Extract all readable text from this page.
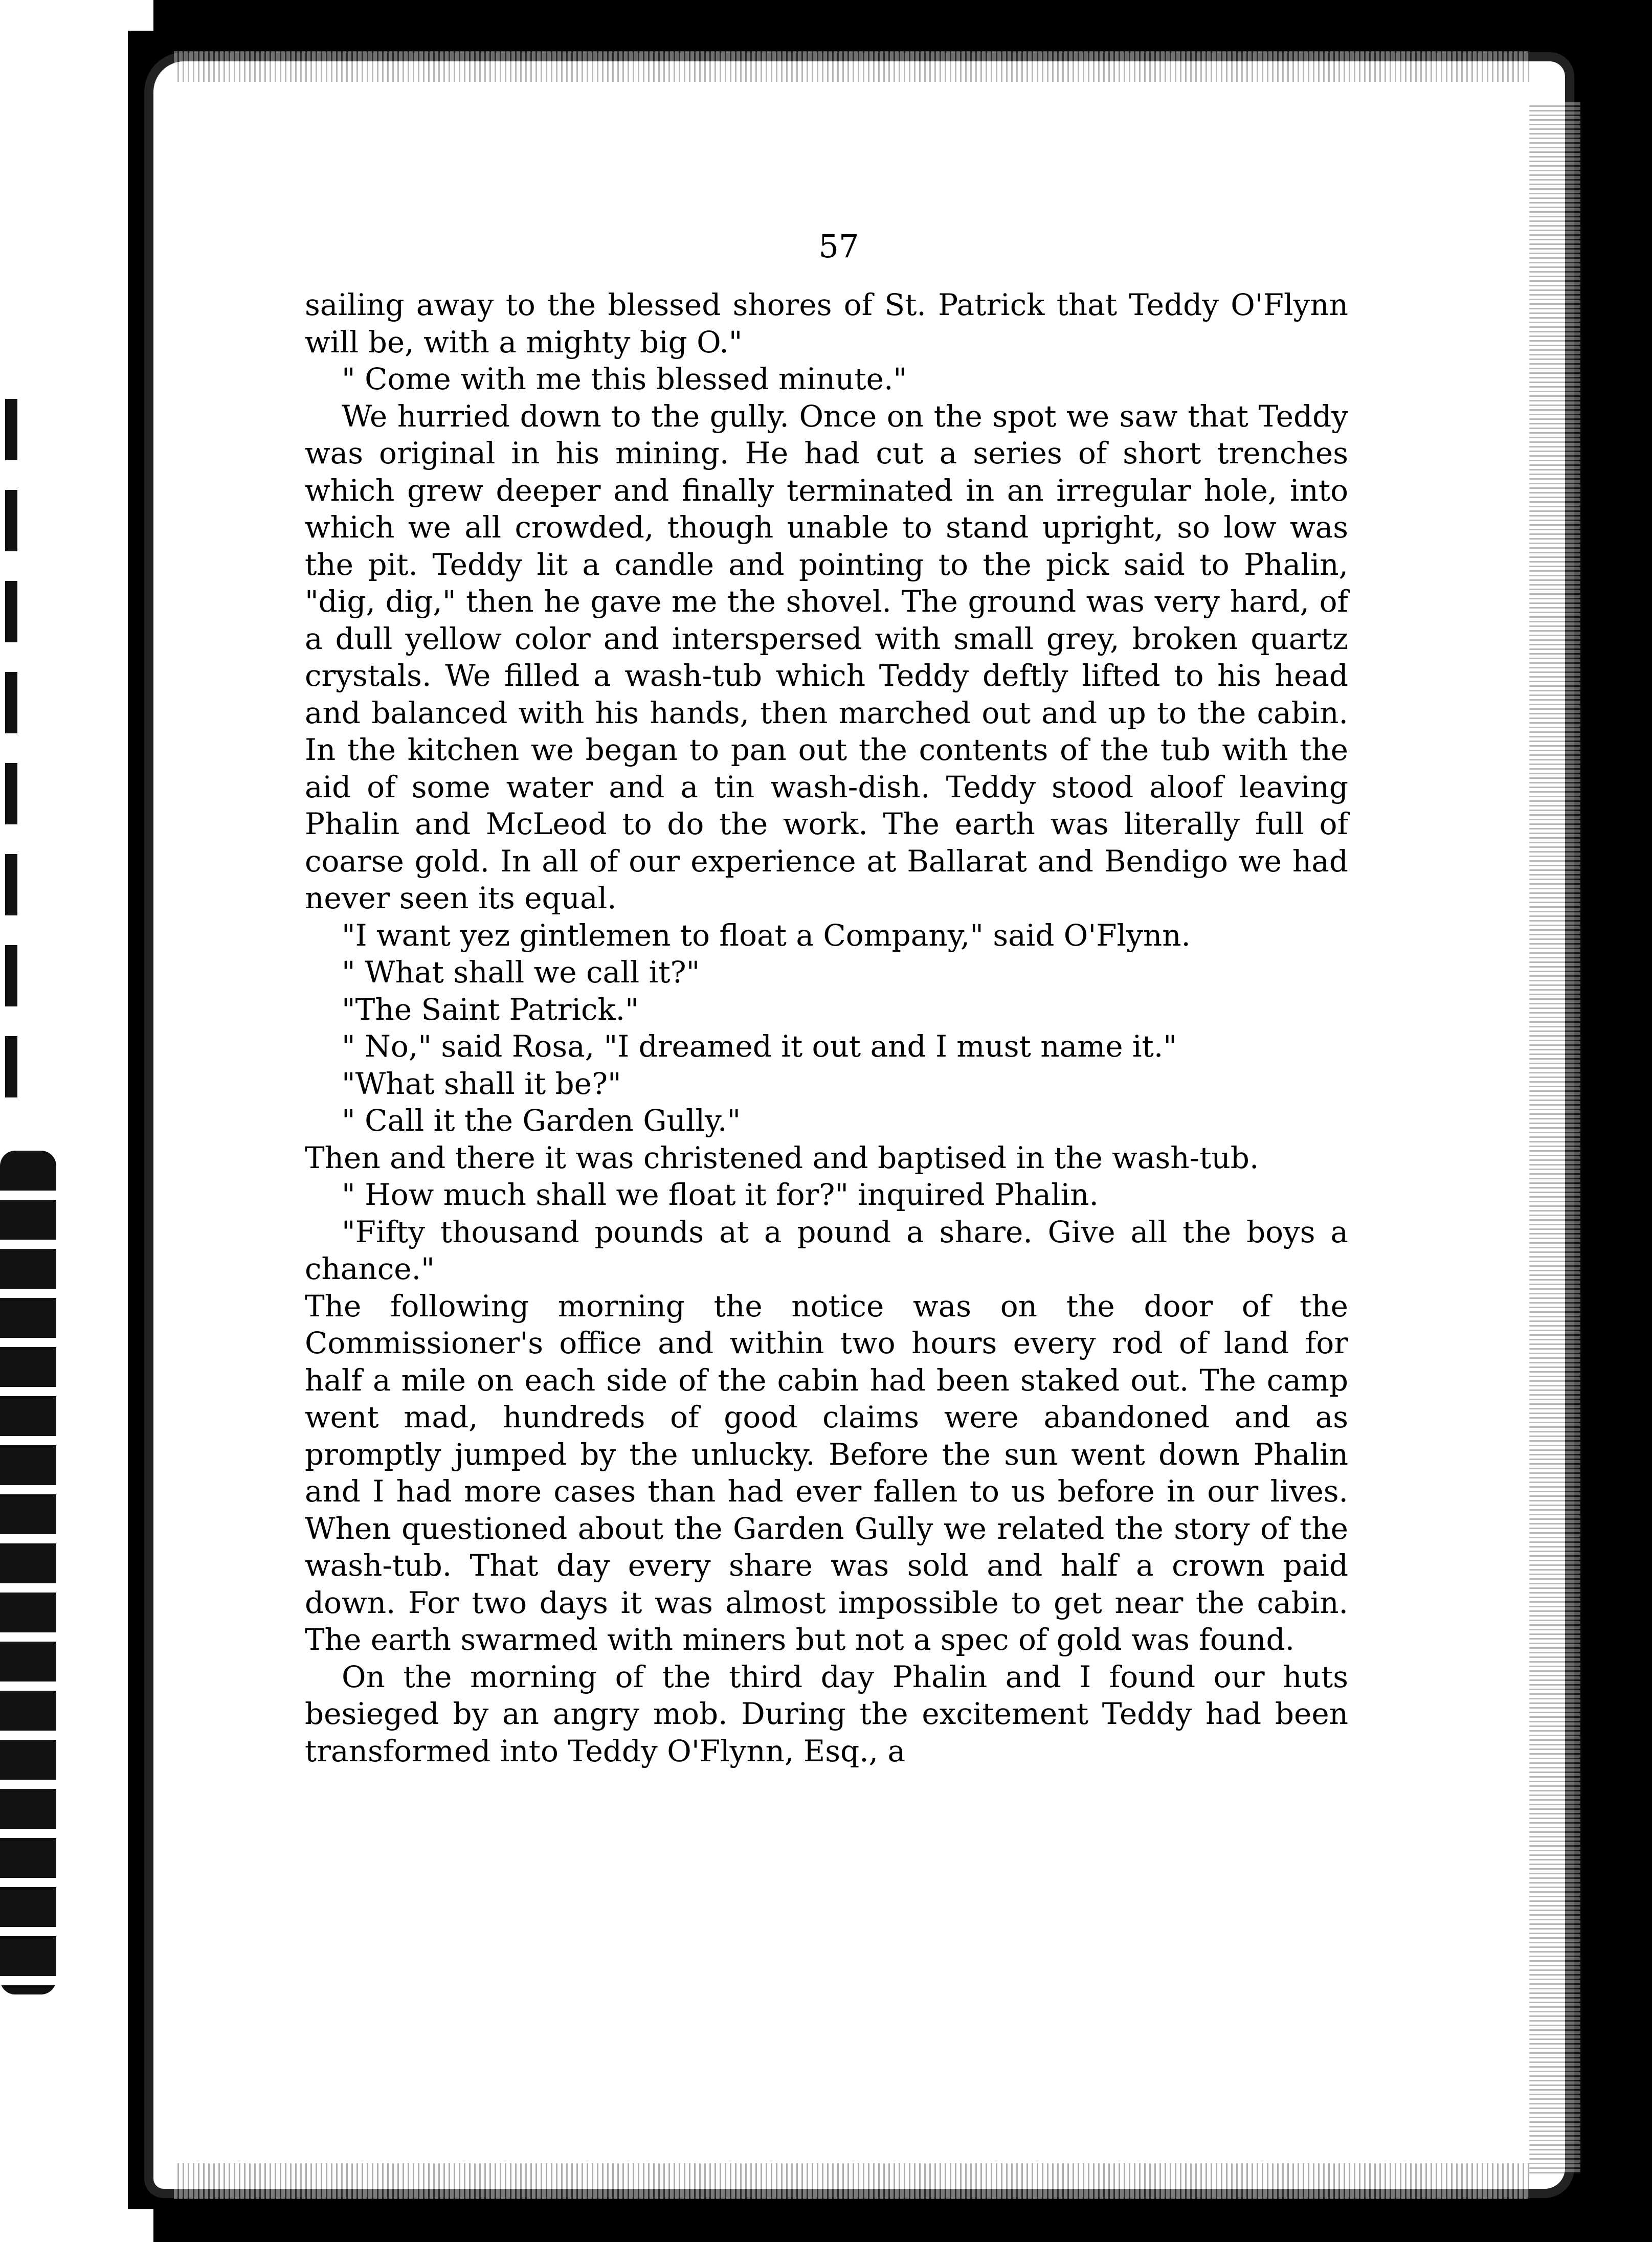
57

sailing away to the blessed shores of St. Patrick that Teddy O'Flynn will be, with a mighty big O."

" Come with me this blessed minute."

We hurried down to the gully. Once on the spot we saw that Teddy was original in his mining. He had cut a series of short trenches which grew deeper and finally terminated in an irregular hole, into which we all crowded, though unable to stand upright, so low was the pit. Teddy lit a candle and pointing to the pick said to Phalin, "dig, dig," then he gave me the shovel. The ground was very hard, of a dull yellow color and interspersed with small grey, broken quartz crystals. We filled a wash-tub which Teddy deftly lifted to his head and balanced with his hands, then marched out and up to the cabin. In the kitchen we began to pan out the contents of the tub with the aid of some water and a tin wash-dish. Teddy stood aloof leaving Phalin and McLeod to do the work. The earth was literally full of coarse gold. In all of our experience at Ballarat and Bendigo we had never seen its equal.

"I want yez gintlemen to float a Company," said O'Flynn.

" What shall we call it?"

"The Saint Patrick."

" No," said Rosa, "I dreamed it out and I must name it."

"What shall it be?"

" Call it the Garden Gully."

Then and there it was christened and baptised in the wash-tub.

" How much shall we float it for?" inquired Phalin.

"Fifty thousand pounds at a pound a share. Give all the boys a chance."

The following morning the notice was on the door of the Commissioner's office and within two hours every rod of land for half a mile on each side of the cabin had been staked out. The camp went mad, hundreds of good claims were abandoned and as promptly jumped by the unlucky. Before the sun went down Phalin and I had more cases than had ever fallen to us before in our lives. When questioned about the Garden Gully we related the story of the wash-tub. That day every share was sold and half a crown paid down. For two days it was almost impossible to get near the cabin. The earth swarmed with miners but not a spec of gold was found.

On the morning of the third day Phalin and I found our huts besieged by an angry mob. During the excitement Teddy had been transformed into Teddy O'Flynn, Esq., a
